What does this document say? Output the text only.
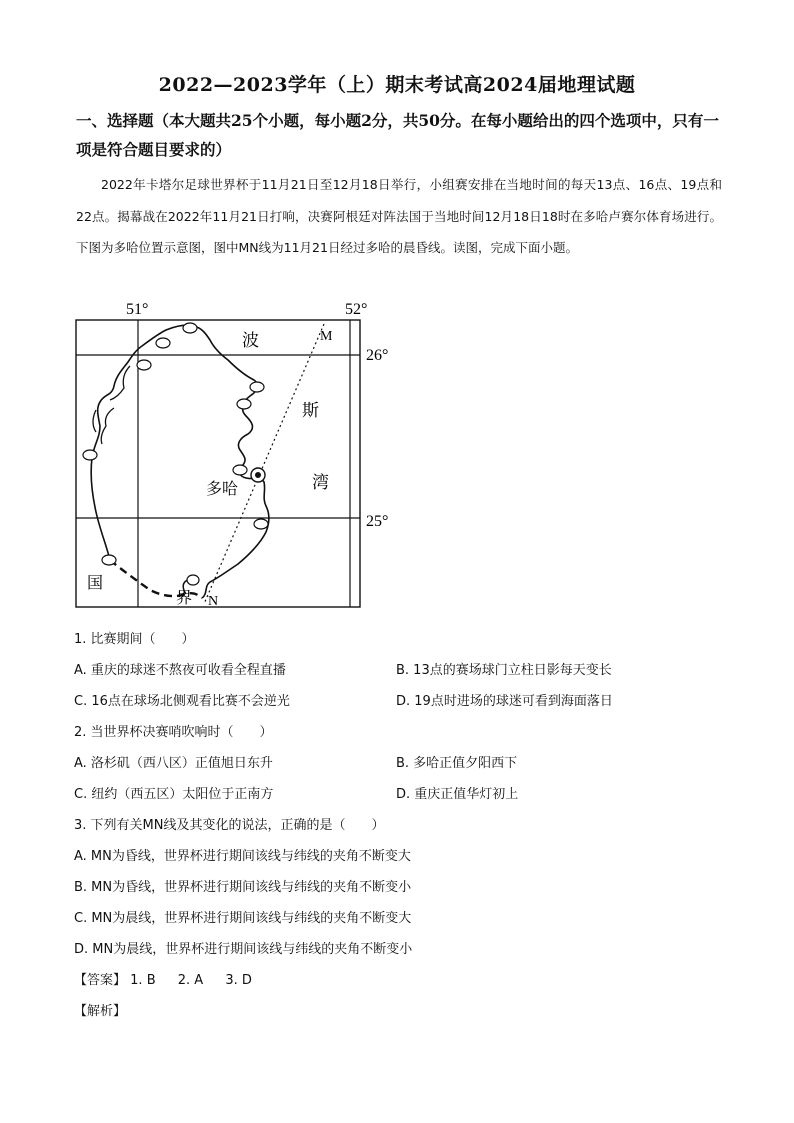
2022—2023学年（上）期末考试高2024届地理试题
一、选择题（本大题共25个小题，每小题2分，共50分。在每小题给出的四个选项中，只有一项是符合题目要求的）
2022年卡塔尔足球世界杯于11月21日至12月18日举行，小组赛安排在当地时间的每天13点、16点、19点和22点。揭幕战在2022年11月21日打响，决赛阿根廷对阵法国于当地时间12月18日18时在多哈卢赛尔体育场进行。下图为多哈位置示意图，图中MN线为11月21日经过多哈的晨昏线。读图，完成下面小题。
51°	52°
26°
25°
波
斯
湾
多哈
M
N
国
界
1. 比赛期间（　　）
A. 重庆的球迷不熬夜可收看全程直播	B. 13点的赛场球门立柱日影每天变长
C. 16点在球场北侧观看比赛不会逆光	D. 19点时进场的球迷可看到海面落日
2. 当世界杯决赛哨吹响时（　　）
A. 洛杉矶（西八区）正值旭日东升	B. 多哈正值夕阳西下
C. 纽约（西五区）太阳位于正南方	D. 重庆正值华灯初上
3. 下列有关MN线及其变化的说法，正确的是（　　）
A. MN为昏线，世界杯进行期间该线与纬线的夹角不断变大
B. MN为昏线，世界杯进行期间该线与纬线的夹角不断变小
C. MN为晨线，世界杯进行期间该线与纬线的夹角不断变大
D. MN为晨线，世界杯进行期间该线与纬线的夹角不断变小
【答案】 1. B 2. A 3. D
【解析】
